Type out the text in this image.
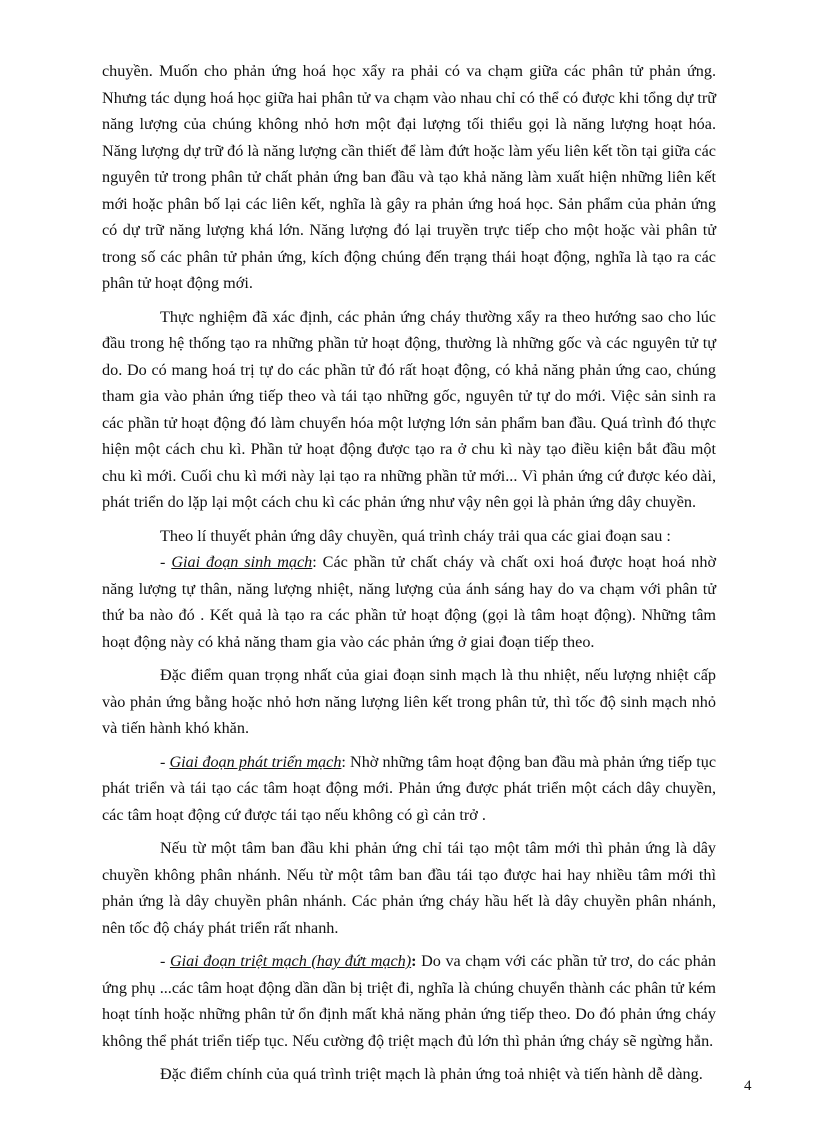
chuyền. Muốn cho phản ứng hoá học xẩy ra phải có va chạm giữa các phân tử phản ứng. Nhưng tác dụng hoá học giữa hai phân tử va chạm vào nhau chỉ có thể có được khi tổng dự trữ năng lượng của chúng không nhỏ hơn một đại lượng tối thiểu gọi là năng lượng hoạt hóa. Năng lượng dự trữ đó là năng lượng cần thiết để làm đứt hoặc làm yếu liên kết tồn tại giữa các nguyên tử trong phân tử chất phản ứng ban đầu và tạo khả năng làm xuất hiện những liên kết mới hoặc phân bố lại các liên kết, nghĩa là gây ra phản ứng hoá học. Sản phẩm của phản ứng có dự trữ năng lượng khá lớn. Năng lượng đó lại truyền trực tiếp cho một hoặc vài phân tử trong số các phân tử phản ứng, kích động chúng đến trạng thái hoạt động, nghĩa là tạo ra các phân tử hoạt động mới.

Thực nghiệm đã xác định, các phản ứng cháy thường xẩy ra theo hướng sao cho lúc đầu trong hệ thống tạo ra những phần tử hoạt động, thường là những gốc và các nguyên tử tự do. Do có mang hoá trị tự do các phần tử đó rất hoạt động, có khả năng phản ứng cao, chúng tham gia vào phản ứng tiếp theo và tái tạo những gốc, nguyên tử tự do mới. Việc sản sinh ra các phần tử hoạt động đó làm chuyển hóa một lượng lớn sản phẩm ban đầu. Quá trình đó thực hiện một cách chu kì. Phần tử hoạt động được tạo ra ở chu kì này tạo điều kiện bắt đầu một chu kì mới. Cuối chu kì mới này lại tạo ra những phần tử mới... Vì phản ứng cứ được kéo dài, phát triển do lặp lại một cách chu kì các phản ứng như vậy nên gọi là phản ứng dây chuyền.

Theo lí thuyết phản ứng dây chuyền, quá trình cháy trải qua các giai đoạn sau :

- Giai đoạn sinh mạch: Các phần tử chất cháy và chất oxi hoá được hoạt hoá nhờ năng lượng tự thân, năng lượng nhiệt, năng lượng của ánh sáng hay do va chạm với phân tử thứ ba nào đó . Kết quả là tạo ra các phần tử hoạt động (gọi là tâm hoạt động). Những tâm hoạt động này có khả năng tham gia vào các phản ứng ở giai đoạn tiếp theo.

Đặc điểm quan trọng nhất của giai đoạn sinh mạch là thu nhiệt, nếu lượng nhiệt cấp vào phản ứng bằng hoặc nhỏ hơn năng lượng liên kết trong phân tử, thì tốc độ sinh mạch nhỏ và tiến hành khó khăn.

- Giai đoạn phát triển mạch: Nhờ những tâm hoạt động ban đầu mà phản ứng tiếp tục phát triển và tái tạo các tâm hoạt động mới. Phản ứng được phát triển một cách dây chuyền, các tâm hoạt động cứ được tái tạo nếu không có gì cản trở .

Nếu từ một tâm ban đầu khi phản ứng chỉ tái tạo một tâm mới thì phản ứng là dây chuyền không phân nhánh. Nếu từ một tâm ban đầu tái tạo được hai hay nhiều tâm mới thì phản ứng là dây chuyền phân nhánh. Các phản ứng cháy hầu hết là dây chuyền phân nhánh, nên tốc độ cháy phát triển rất nhanh.

- Giai đoạn triệt mạch (hay đứt mạch): Do va chạm với các phần tử trơ, do các phản ứng phụ ...các tâm hoạt động dần dần bị triệt đi, nghĩa là chúng chuyển thành các phân tử kém hoạt tính hoặc những phân tử ổn định mất khả năng phản ứng tiếp theo. Do đó phản ứng cháy không thể phát triển tiếp tục. Nếu cường độ triệt mạch đủ lớn thì phản ứng cháy sẽ ngừng hẳn.

Đặc điểm chính của quá trình triệt mạch là phản ứng toả nhiệt và tiến hành dễ dàng.

4
